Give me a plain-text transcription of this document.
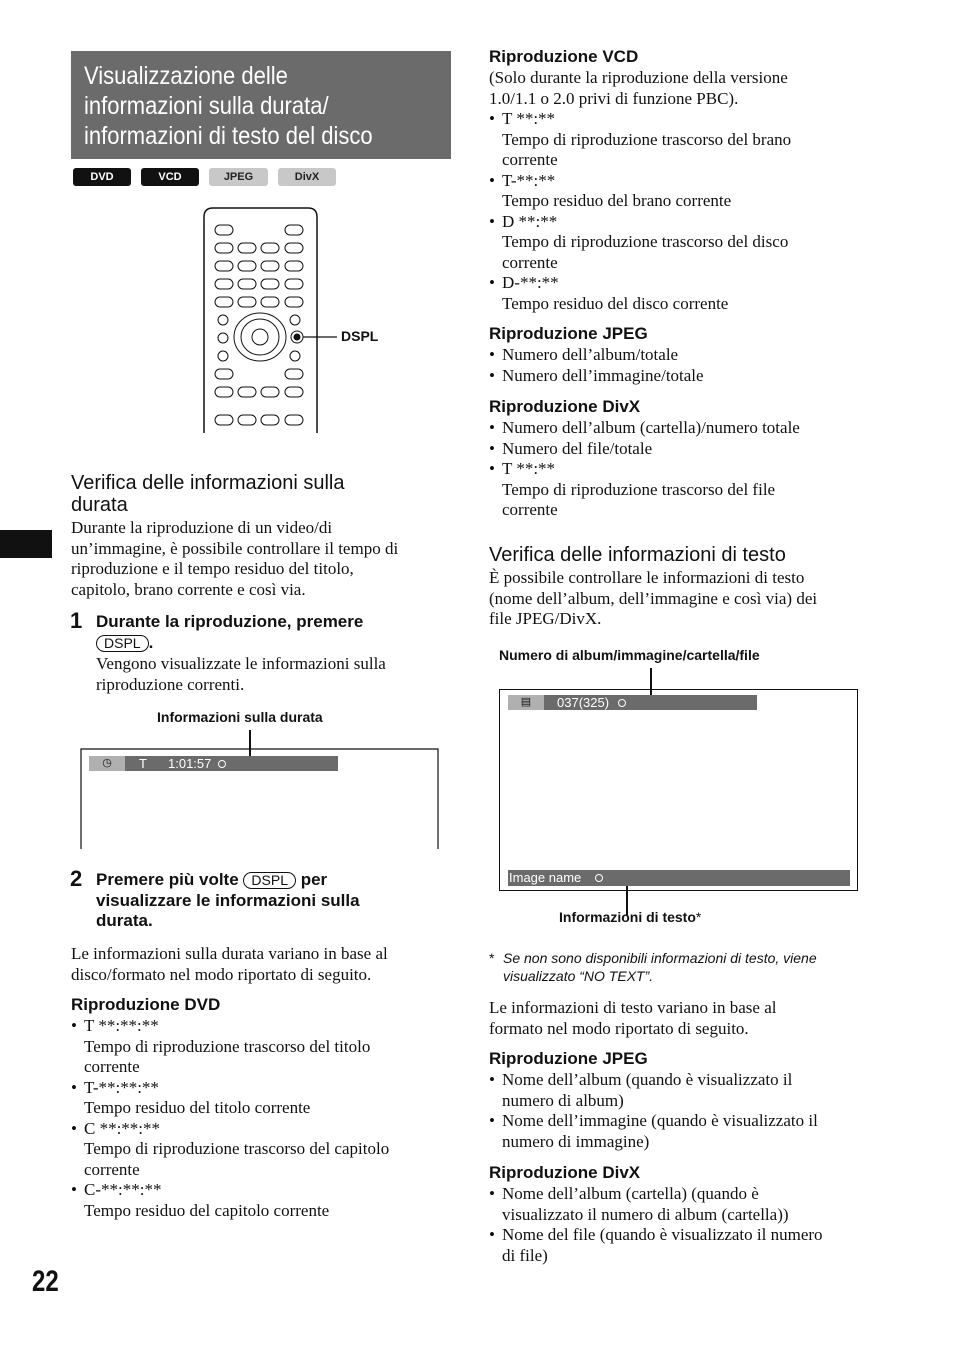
Visualizzazione delle
informazioni sulla durata/
informazioni di testo del disco
DVD	VCD	JPEG	DivX
DSPL
Verifica delle informazioni sulla
durata
Durante la riproduzione di un video/di
un’immagine, è possibile controllare il tempo di
riproduzione e il tempo residuo del titolo,
capitolo, brano corrente e così via.
1 Durante la riproduzione, premere
DSPL .
Vengono visualizzate le informazioni sulla
riproduzione correnti.
Informazioni sulla durata
◷	T 1:01:57
2 Premere più volte DSPL per
visualizzare le informazioni sulla
durata.
Le informazioni sulla durata variano in base al
disco/formato nel modo riportato di seguito.
Riproduzione DVD
• T **:**:**
Tempo di riproduzione trascorso del titolo
corrente
• T-**:**:**
Tempo residuo del titolo corrente
• C **:**:**
Tempo di riproduzione trascorso del capitolo
corrente
• C-**:**:**
Tempo residuo del capitolo corrente
22
Riproduzione VCD
(Solo durante la riproduzione della versione
1.0/1.1 o 2.0 privi di funzione PBC).
• T **:**
Tempo di riproduzione trascorso del brano
corrente
• T-**:**
Tempo residuo del brano corrente
• D **:**
Tempo di riproduzione trascorso del disco
corrente
• D-**:**
Tempo residuo del disco corrente
Riproduzione JPEG
• Numero dell’album/totale
• Numero dell’immagine/totale
Riproduzione DivX
• Numero dell’album (cartella)/numero totale
• Numero del file/totale
• T **:**
Tempo di riproduzione trascorso del file
corrente
Verifica delle informazioni di testo
È possibile controllare le informazioni di testo
(nome dell’album, dell’immagine e così via) dei
file JPEG/DivX.
Numero di album/immagine/cartella/file
▤	037(325)
Image name
Informazioni di testo*
* Se non sono disponibili informazioni di testo, viene
visualizzato “NO TEXT”.
Le informazioni di testo variano in base al
formato nel modo riportato di seguito.
Riproduzione JPEG
• Nome dell’album (quando è visualizzato il
numero di album)
• Nome dell’immagine (quando è visualizzato il
numero di immagine)
Riproduzione DivX
• Nome dell’album (cartella) (quando è
visualizzato il numero di album (cartella))
• Nome del file (quando è visualizzato il numero
di file)
